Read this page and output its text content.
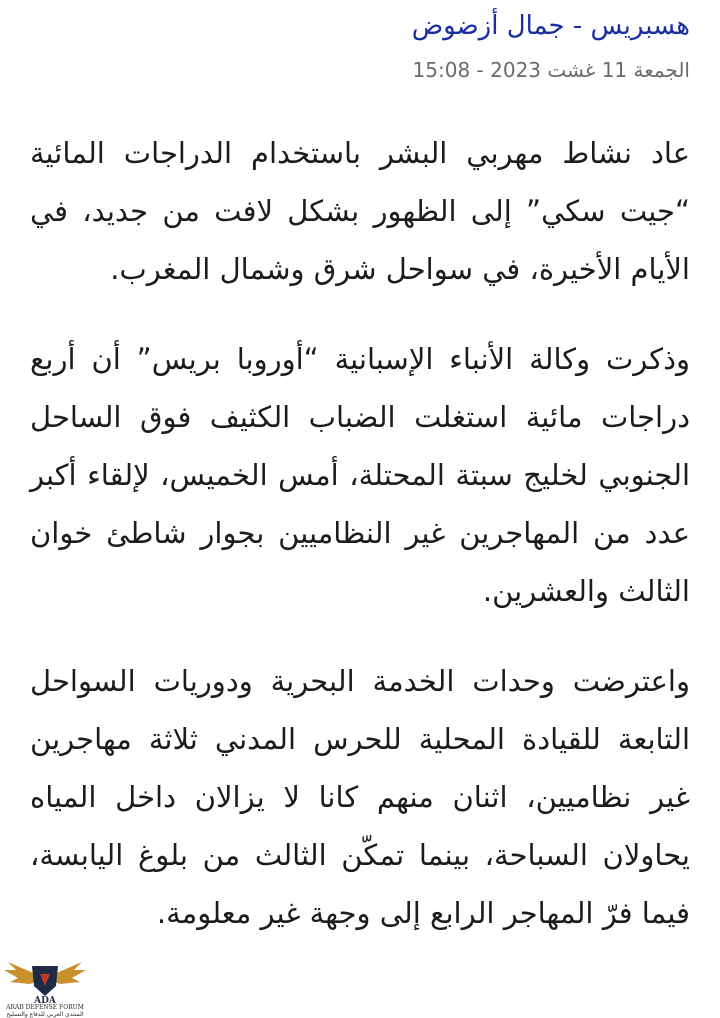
هسبريس - جمال أزضوض
الجمعة 11 غشت 2023 - 15:08

عاد نشاط مهربي البشر باستخدام الدراجات المائية “جيت سكي” إلى الظهور بشكل لافت من جديد، في الأيام الأخيرة، في سواحل شرق وشمال المغرب.

وذكرت وكالة الأنباء الإسبانية “أوروبا بريس” أن أربع دراجات مائية استغلت الضباب الكثيف فوق الساحل الجنوبي لخليج سبتة المحتلة، أمس الخميس، لإلقاء أكبر عدد من المهاجرين غير النظاميين بجوار شاطئ خوان الثالث والعشرين.

واعترضت وحدات الخدمة البحرية ودوريات السواحل التابعة للقيادة المحلية للحرس المدني ثلاثة مهاجرين غير نظاميين، اثنان منهم كانا لا يزالان داخل المياه يحاولان السباحة، بينما تمكّن الثالث من بلوغ اليابسة، فيما فرّ المهاجر الرابع إلى وجهة غير معلومة.

ADA
ARAB DEFENSE FORUM
المنتدى العربي للدفاع والتسليح
